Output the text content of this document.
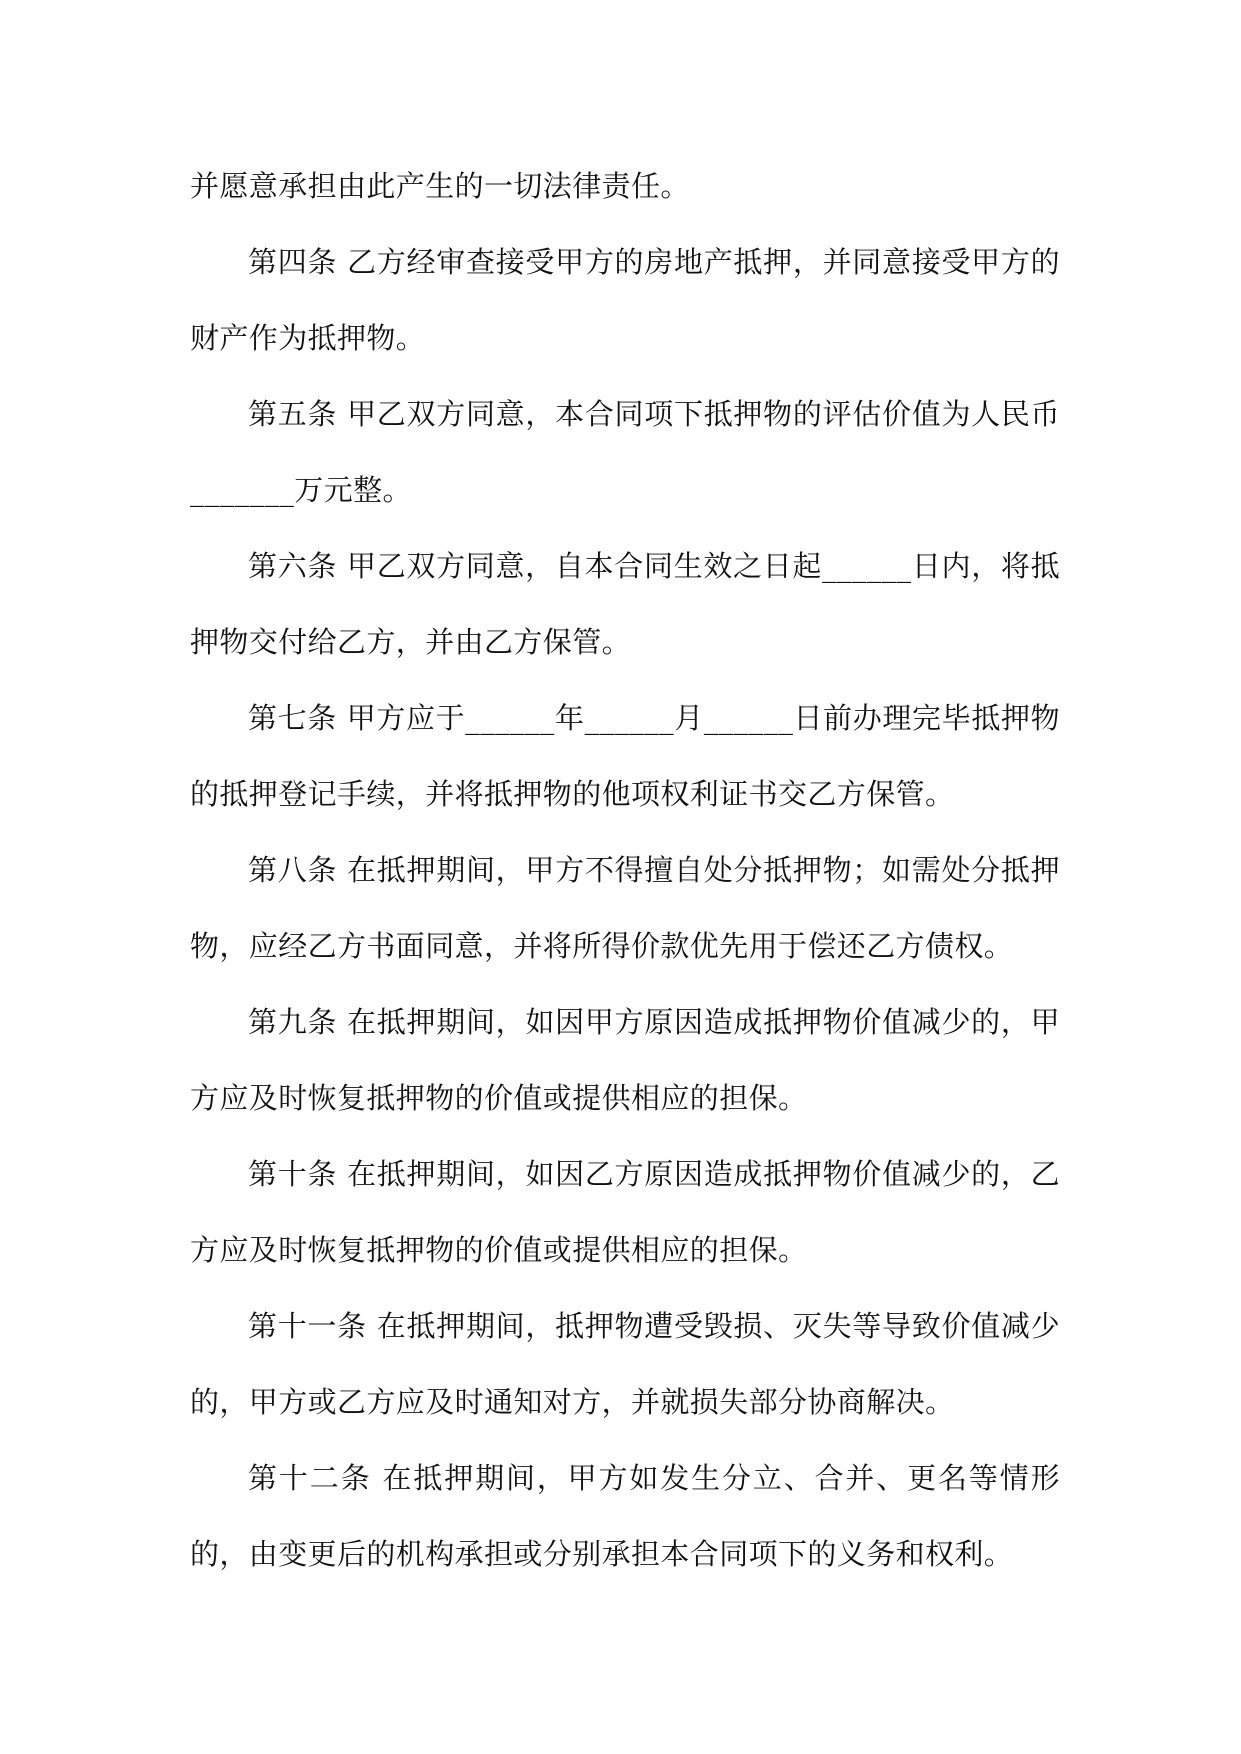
并愿意承担由此产生的一切法律责任。

第四条 乙方经审查接受甲方的房地产抵押，并同意接受甲方的财产作为抵押物。

第五条 甲乙双方同意，本合同项下抵押物的评估价值为人民币_______万元整。

第六条 甲乙双方同意，自本合同生效之日起______日内，将抵押物交付给乙方，并由乙方保管。

第七条 甲方应于______年______月______日前办理完毕抵押物的抵押登记手续，并将抵押物的他项权利证书交乙方保管。

第八条 在抵押期间，甲方不得擅自处分抵押物；如需处分抵押物，应经乙方书面同意，并将所得价款优先用于偿还乙方债权。

第九条 在抵押期间，如因甲方原因造成抵押物价值减少的，甲方应及时恢复抵押物的价值或提供相应的担保。

第十条 在抵押期间，如因乙方原因造成抵押物价值减少的，乙方应及时恢复抵押物的价值或提供相应的担保。

第十一条 在抵押期间，抵押物遭受毁损、灭失等导致价值减少的，甲方或乙方应及时通知对方，并就损失部分协商解决。

第十二条 在抵押期间，甲方如发生分立、合并、更名等情形的，由变更后的机构承担或分别承担本合同项下的义务和权利。
